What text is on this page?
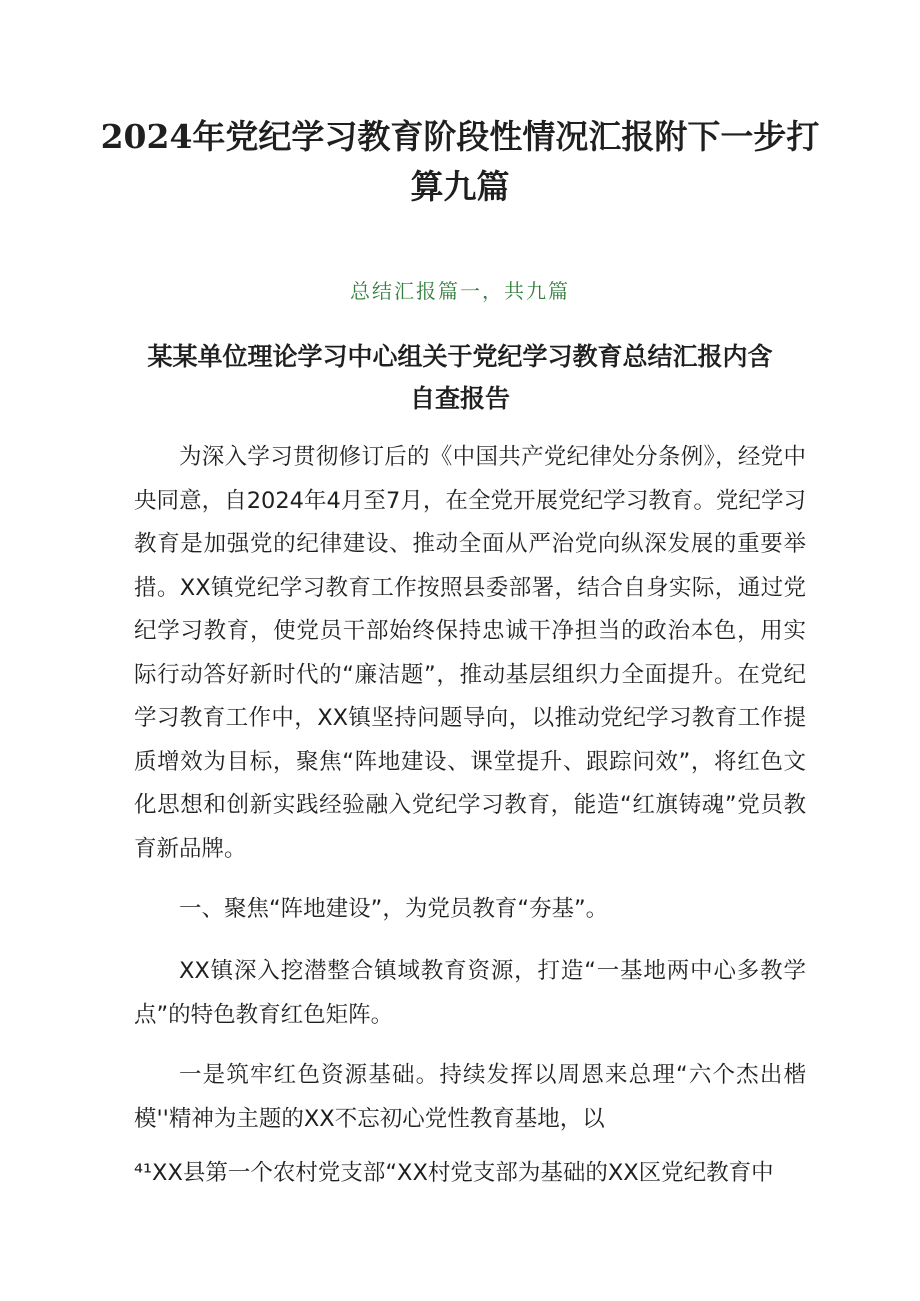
2024年党纪学习教育阶段性情况汇报附下一步打算九篇

总结汇报篇一，共九篇

某某单位理论学习中心组关于党纪学习教育总结汇报内含自查报告

为深入学习贯彻修订后的《中国共产党纪律处分条例》，经党中央同意，自2024年4月至7月，在全党开展党纪学习教育。党纪学习教育是加强党的纪律建设、推动全面从严治党向纵深发展的重要举措。XX镇党纪学习教育工作按照县委部署，结合自身实际，通过党纪学习教育，使党员干部始终保持忠诚干净担当的政治本色，用实际行动答好新时代的“廉洁题”，推动基层组织力全面提升。在党纪学习教育工作中，XX镇坚持问题导向，以推动党纪学习教育工作提质增效为目标，聚焦“阵地建设、课堂提升、跟踪问效”，将红色文化思想和创新实践经验融入党纪学习教育，能造“红旗铸魂”党员教育新品牌。

一、聚焦“阵地建设”，为党员教育“夯基”。

XX镇深入挖潜整合镇域教育资源，打造“一基地两中心多教学点”的特色教育红色矩阵。

一是筑牢红色资源基础。持续发挥以周恩来总理“六个杰出楷模''精神为主题的XX不忘初心党性教育基地，以

⁴¹XX县第一个农村党支部“XX村党支部为基础的XX区党纪教育中
